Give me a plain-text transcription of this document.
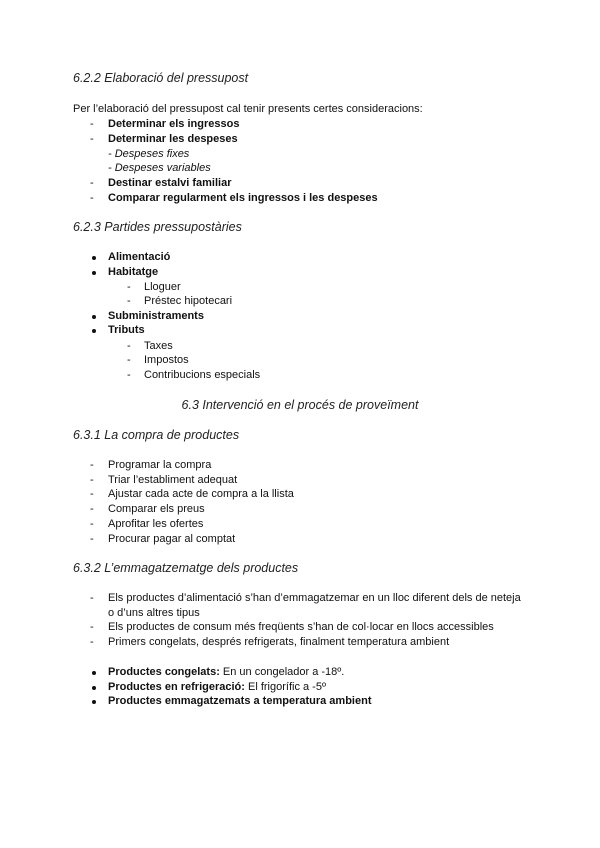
6.2.2 Elaboració del pressupost
Per l’elaboració del pressupost cal tenir presents certes consideracions:
- Determinar els ingressos
- Determinar les despeses
- Despeses fixes
- Despeses variables
- Destinar estalvi familiar
- Comparar regularment els ingressos i les despeses
6.2.3 Partides pressupostàries
Alimentació
Habitatge
- Lloguer
- Préstec hipotecari
Subministraments
Tributs
- Taxes
- Impostos
- Contribucions especials
6.3 Intervenció en el procés de proveïment
6.3.1 La compra de productes
- Programar la compra
- Triar l’establiment adequat
- Ajustar cada acte de compra a la llista
- Comparar els preus
- Aprofitar les ofertes
- Procurar pagar al comptat
6.3.2 L’emmagatzematge dels productes
- Els productes d’alimentació s’han d’emmagatzemar en un lloc diferent dels de neteja
o d’uns altres tipus
- Els productes de consum més freqüents s’han de col·locar en llocs accessibles
- Primers congelats, després refrigerats, finalment temperatura ambient
Productes congelats: En un congelador a -18º.
Productes en refrigeració: El frigorífic a -5º
Productes emmagatzemats a temperatura ambient
